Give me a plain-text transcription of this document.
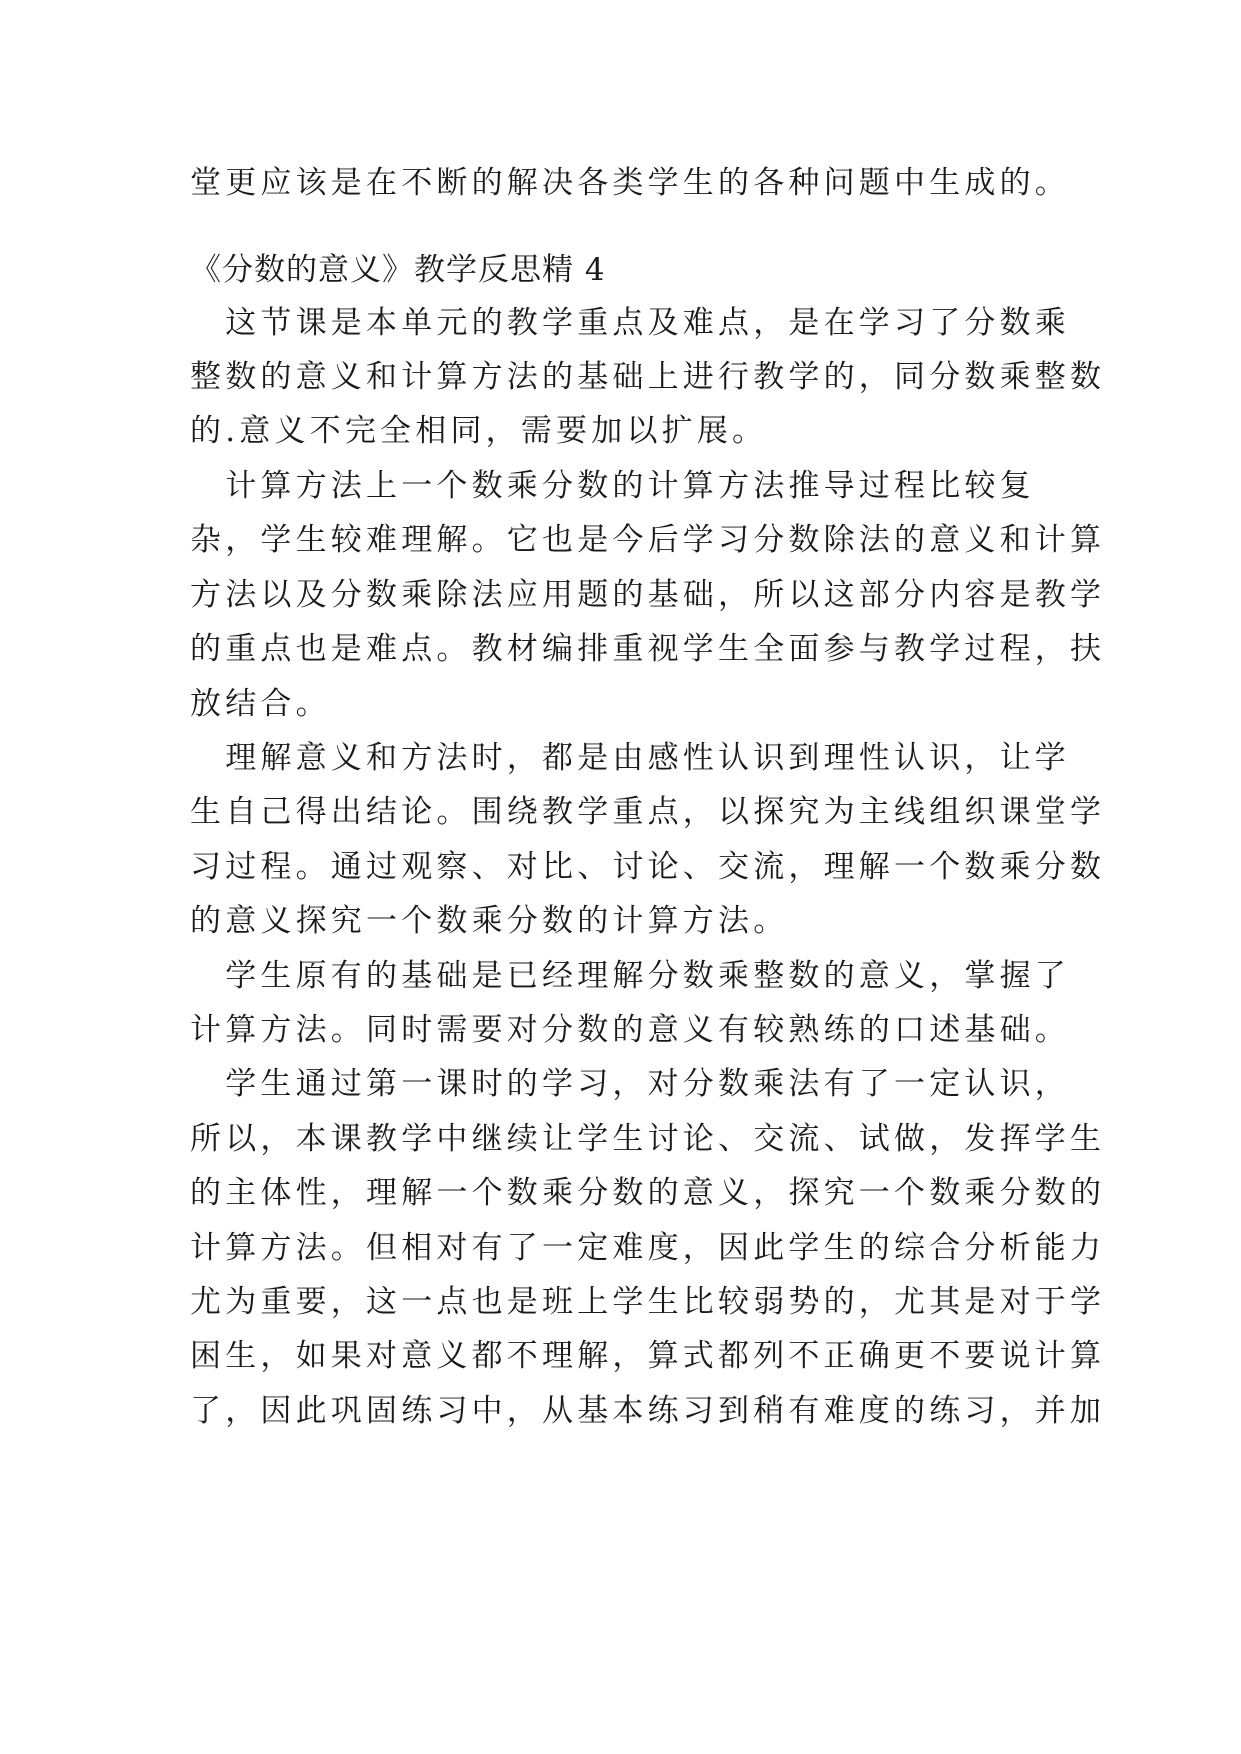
堂更应该是在不断的解决各类学生的各种问题中生成的。
《分数的意义》教学反思精 4
　这节课是本单元的教学重点及难点，是在学习了分数乘
整数的意义和计算方法的基础上进行教学的，同分数乘整数
的.意义不完全相同，需要加以扩展。
　计算方法上一个数乘分数的计算方法推导过程比较复
杂，学生较难理解。它也是今后学习分数除法的意义和计算
方法以及分数乘除法应用题的基础，所以这部分内容是教学
的重点也是难点。教材编排重视学生全面参与教学过程，扶
放结合。
　理解意义和方法时，都是由感性认识到理性认识，让学
生自己得出结论。围绕教学重点，以探究为主线组织课堂学
习过程。通过观察、对比、讨论、交流，理解一个数乘分数
的意义探究一个数乘分数的计算方法。
　学生原有的基础是已经理解分数乘整数的意义，掌握了
计算方法。同时需要对分数的意义有较熟练的口述基础。
　学生通过第一课时的学习，对分数乘法有了一定认识，
所以，本课教学中继续让学生讨论、交流、试做，发挥学生
的主体性，理解一个数乘分数的意义，探究一个数乘分数的
计算方法。但相对有了一定难度，因此学生的综合分析能力
尤为重要，这一点也是班上学生比较弱势的，尤其是对于学
困生，如果对意义都不理解，算式都列不正确更不要说计算
了，因此巩固练习中，从基本练习到稍有难度的练习，并加
